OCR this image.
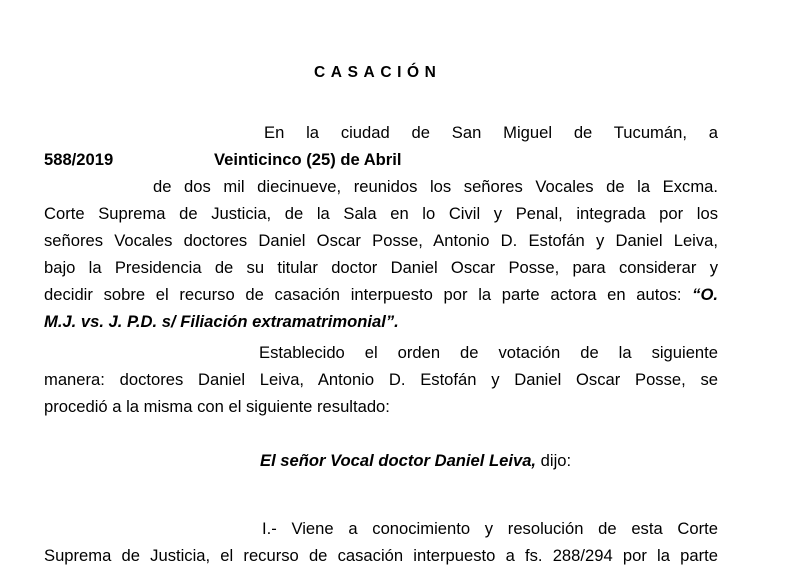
CASACIÓN
En la ciudad de San Miguel de Tucumán, a
588/2019	Veinticinco (25) de Abril
de dos mil diecinueve, reunidos los señores Vocales de la Excma.
Corte Suprema de Justicia, de la Sala en lo Civil y Penal, integrada por los
señores Vocales doctores Daniel Oscar Posse, Antonio D. Estofán y Daniel Leiva,
bajo la Presidencia de su titular doctor Daniel Oscar Posse, para considerar y
decidir sobre el recurso de casación interpuesto por la parte actora en autos: “O.
M.J. vs. J. P.D. s/ Filiación extramatrimonial”.
Establecido el orden de votación de la siguiente
manera: doctores Daniel Leiva, Antonio D. Estofán y Daniel Oscar Posse, se
procedió a la misma con el siguiente resultado:
El señor Vocal doctor Daniel Leiva, dijo:
I.- Viene a conocimiento y resolución de esta Corte
Suprema de Justicia, el recurso de casación interpuesto a fs. 288/294 por la parte
